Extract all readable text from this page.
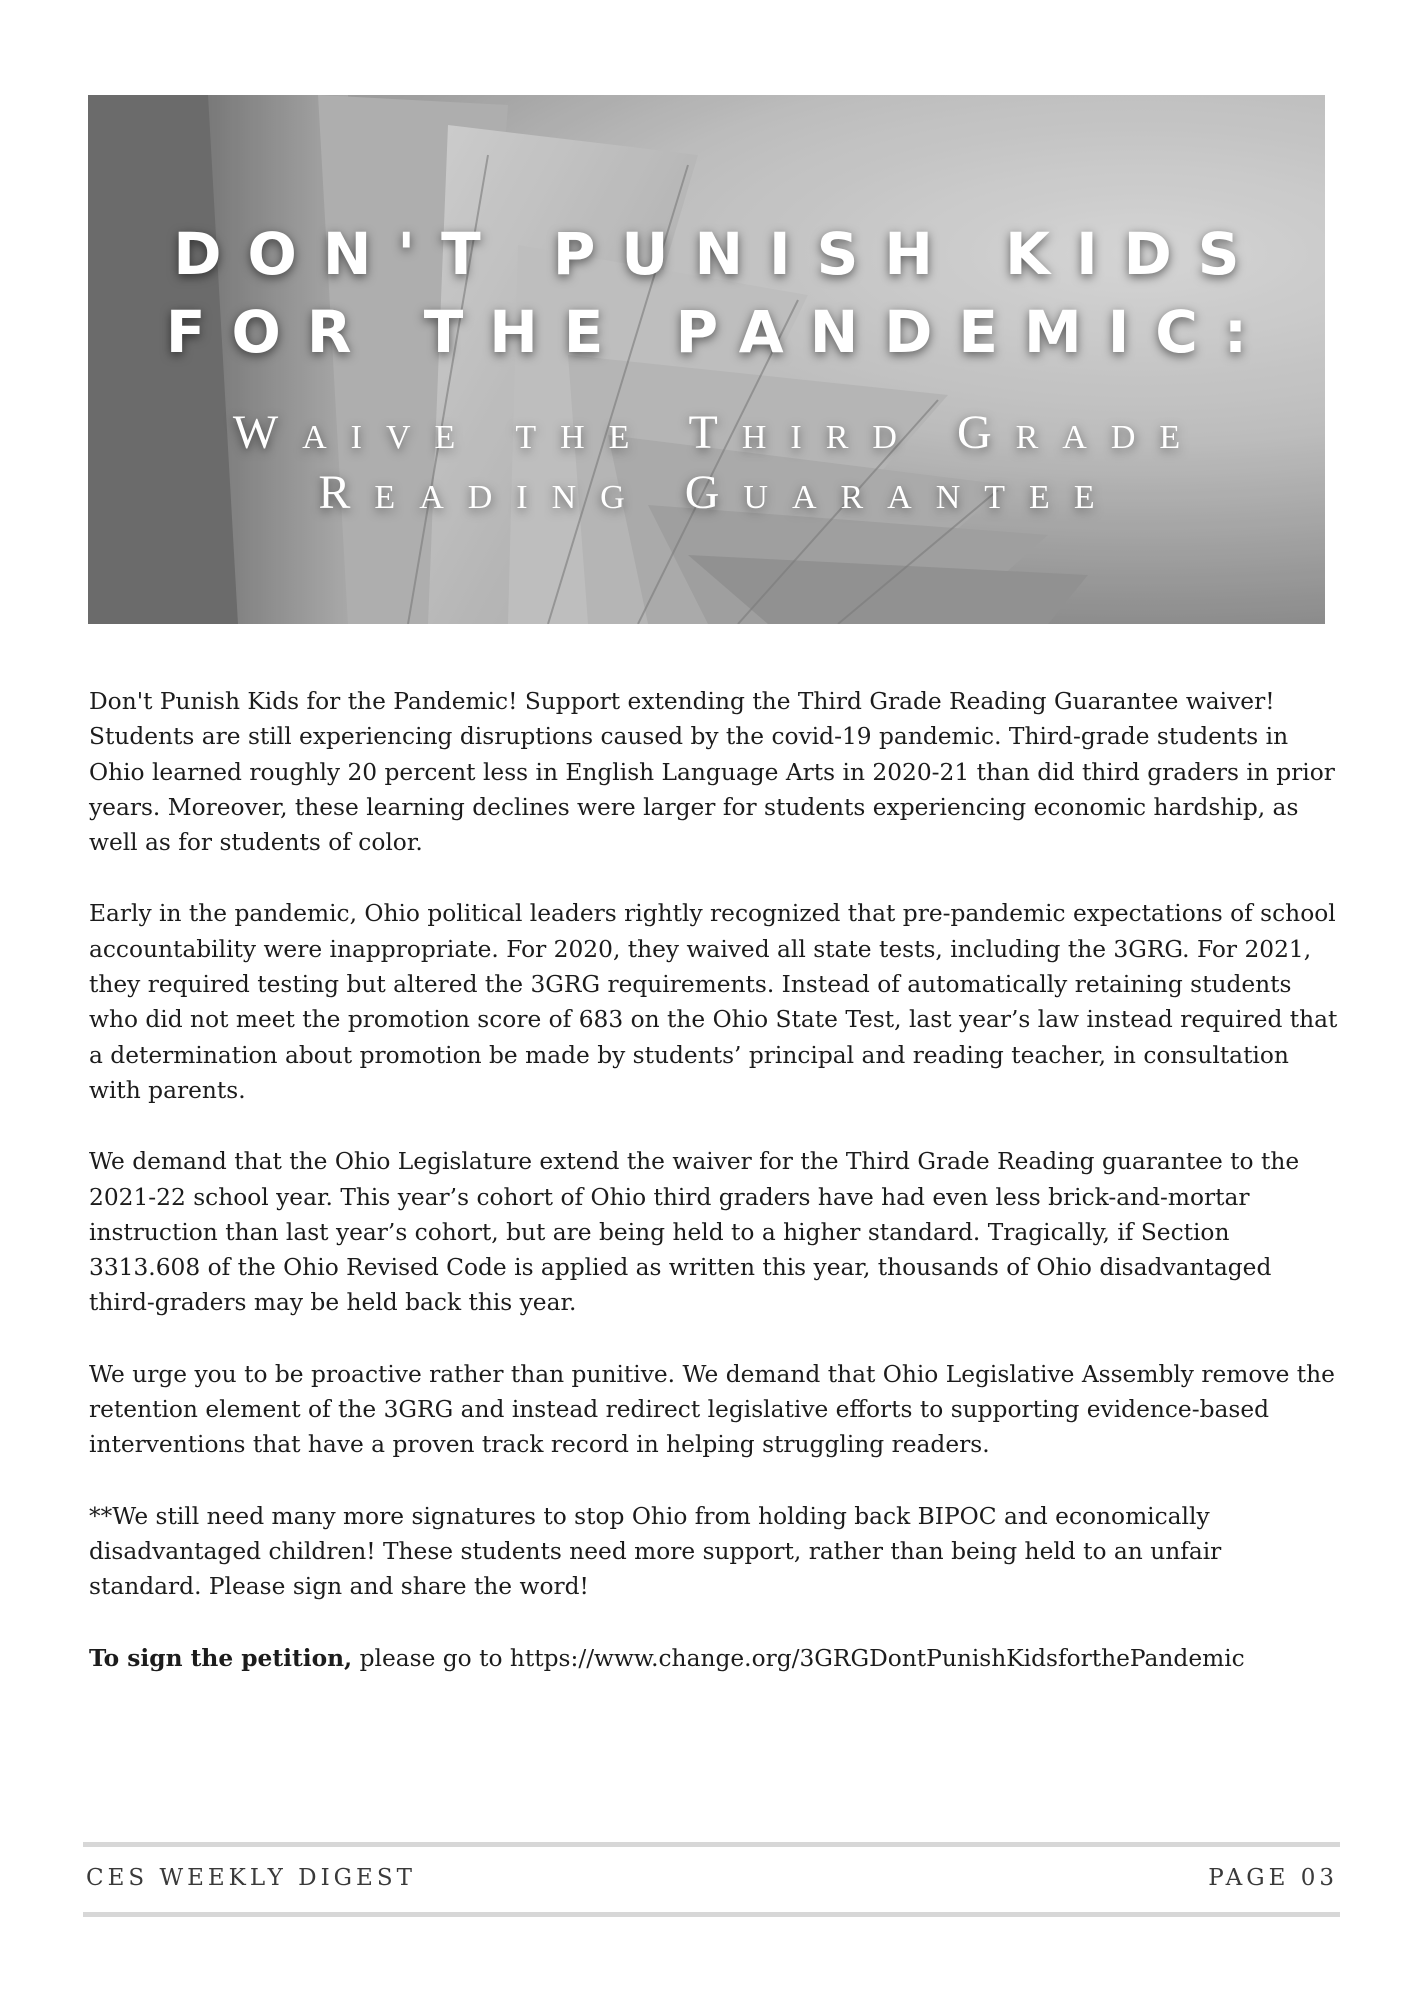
DON'T PUNISH KIDS
FOR THE PANDEMIC:
Waive the Third Grade
Reading Guarantee

Don't Punish Kids for the Pandemic! Support extending the Third Grade Reading Guarantee waiver! Students are still experiencing disruptions caused by the covid-19 pandemic. Third-grade students in Ohio learned roughly 20 percent less in English Language Arts in 2020-21 than did third graders in prior years. Moreover, these learning declines were larger for students experiencing economic hardship, as well as for students of color.

Early in the pandemic, Ohio political leaders rightly recognized that pre-pandemic expectations of school accountability were inappropriate. For 2020, they waived all state tests, including the 3GRG. For 2021, they required testing but altered the 3GRG requirements. Instead of automatically retaining students who did not meet the promotion score of 683 on the Ohio State Test, last year’s law instead required that a determination about promotion be made by students’ principal and reading teacher, in consultation with parents.

We demand that the Ohio Legislature extend the waiver for the Third Grade Reading guarantee to the 2021-22 school year. This year’s cohort of Ohio third graders have had even less brick-and-mortar instruction than last year’s cohort, but are being held to a higher standard. Tragically, if Section 3313.608 of the Ohio Revised Code is applied as written this year, thousands of Ohio disadvantaged third-graders may be held back this year.

We urge you to be proactive rather than punitive. We demand that Ohio Legislative Assembly remove the retention element of the 3GRG and instead redirect legislative efforts to supporting evidence-based interventions that have a proven track record in helping struggling readers.

**We still need many more signatures to stop Ohio from holding back BIPOC and economically disadvantaged children! These students need more support, rather than being held to an unfair standard. Please sign and share the word!

To sign the petition, please go to https://www.change.org/3GRGDontPunishKidsforthePandemic

CES WEEKLY DIGEST	PAGE 03
